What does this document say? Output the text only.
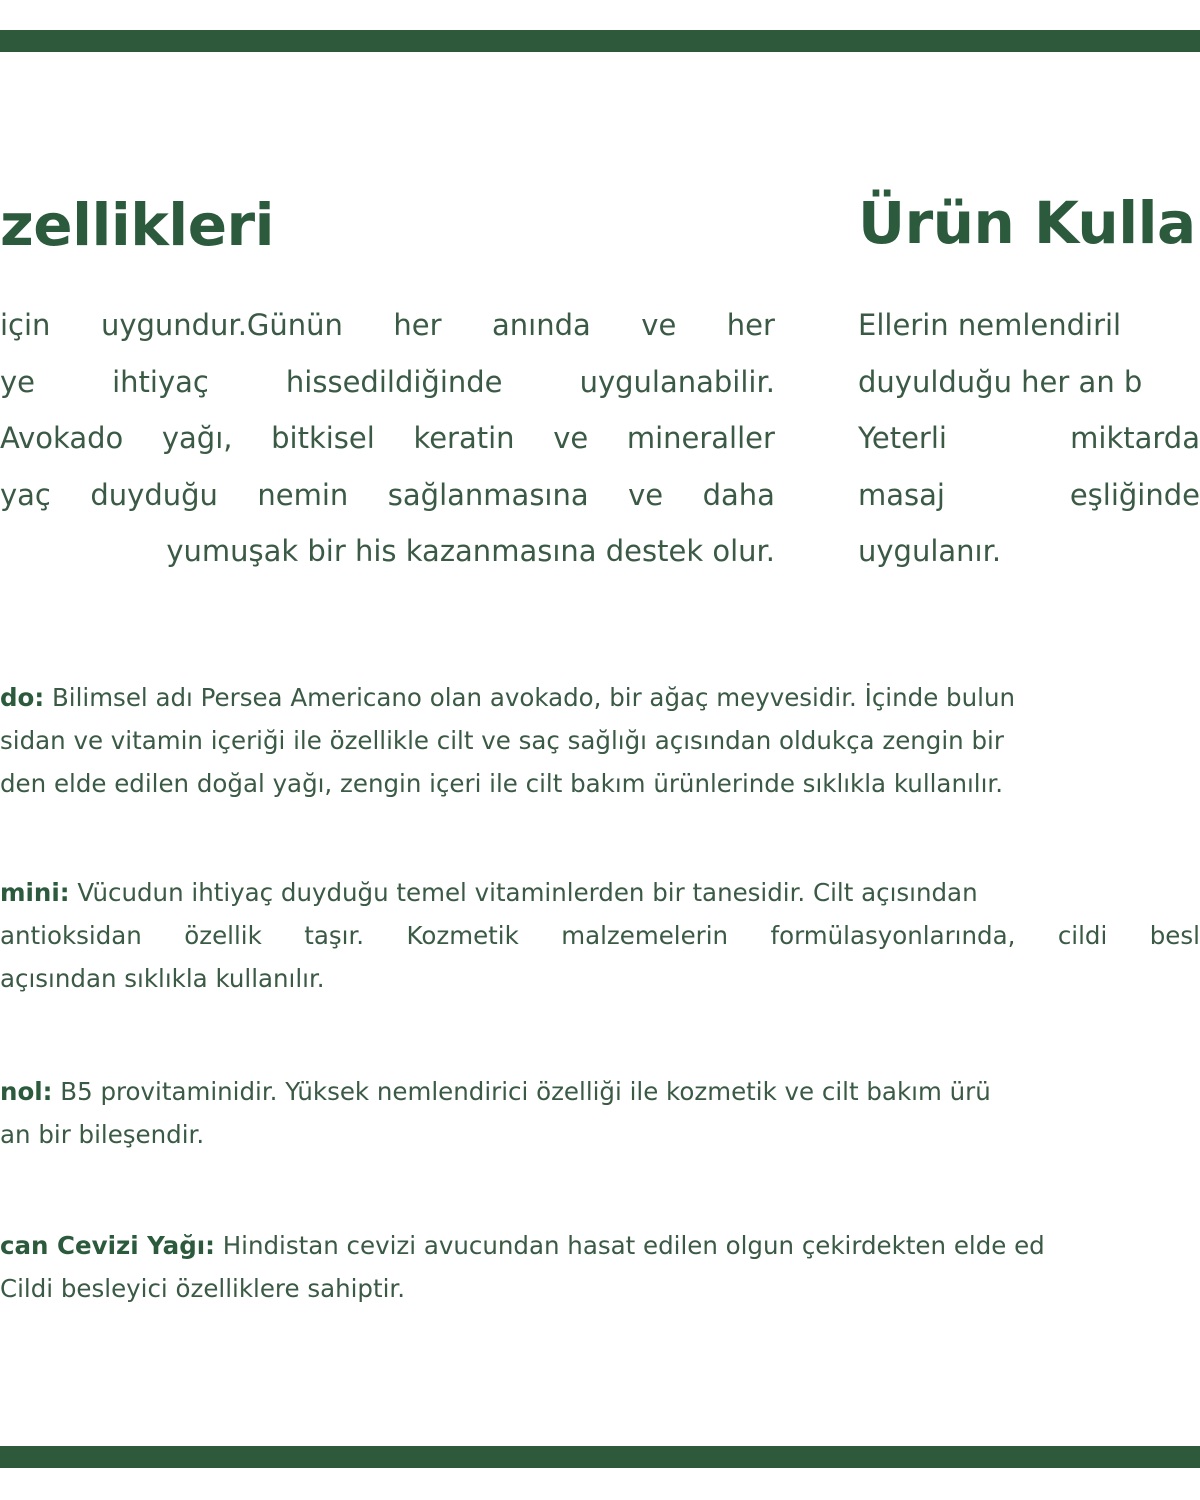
zellikleri
için uygundur.Günün her anında ve her
ye	ihtiyaç	hissedildiğinde	uygulanabilir.
Avokado yağı, bitkisel keratin ve mineraller
yaç duyduğu nemin sağlanmasına ve daha
yumuşak bir his kazanmasına destek olur.
Ürün Kulla
Ellerin nemlendiril
duyulduğu her an b
Yeterli	miktarda
masaj	eşliğinde
uygulanır.
do: Bilimsel adı Persea Americano olan avokado, bir ağaç meyvesidir. İçinde bulun
sidan ve vitamin içeriği ile özellikle cilt ve saç sağlığı açısından oldukça zengin bir
den elde edilen doğal yağı, zengin içeri ile cilt bakım ürünlerinde sıklıkla kullanılır.
mini: Vücudun ihtiyaç duyduğu temel vitaminlerden bir tanesidir. Cilt açısından
antioksidan özellik taşır. Kozmetik malzemelerin formülasyonlarında, cildi besl
açısından sıklıkla kullanılır.
nol: B5 provitaminidir. Yüksek nemlendirici özelliği ile kozmetik ve cilt bakım ürü
an bir bileşendir.
can Cevizi Yağı: Hindistan cevizi avucundan hasat edilen olgun çekirdekten elde ed
Cildi besleyici özelliklere sahiptir.
